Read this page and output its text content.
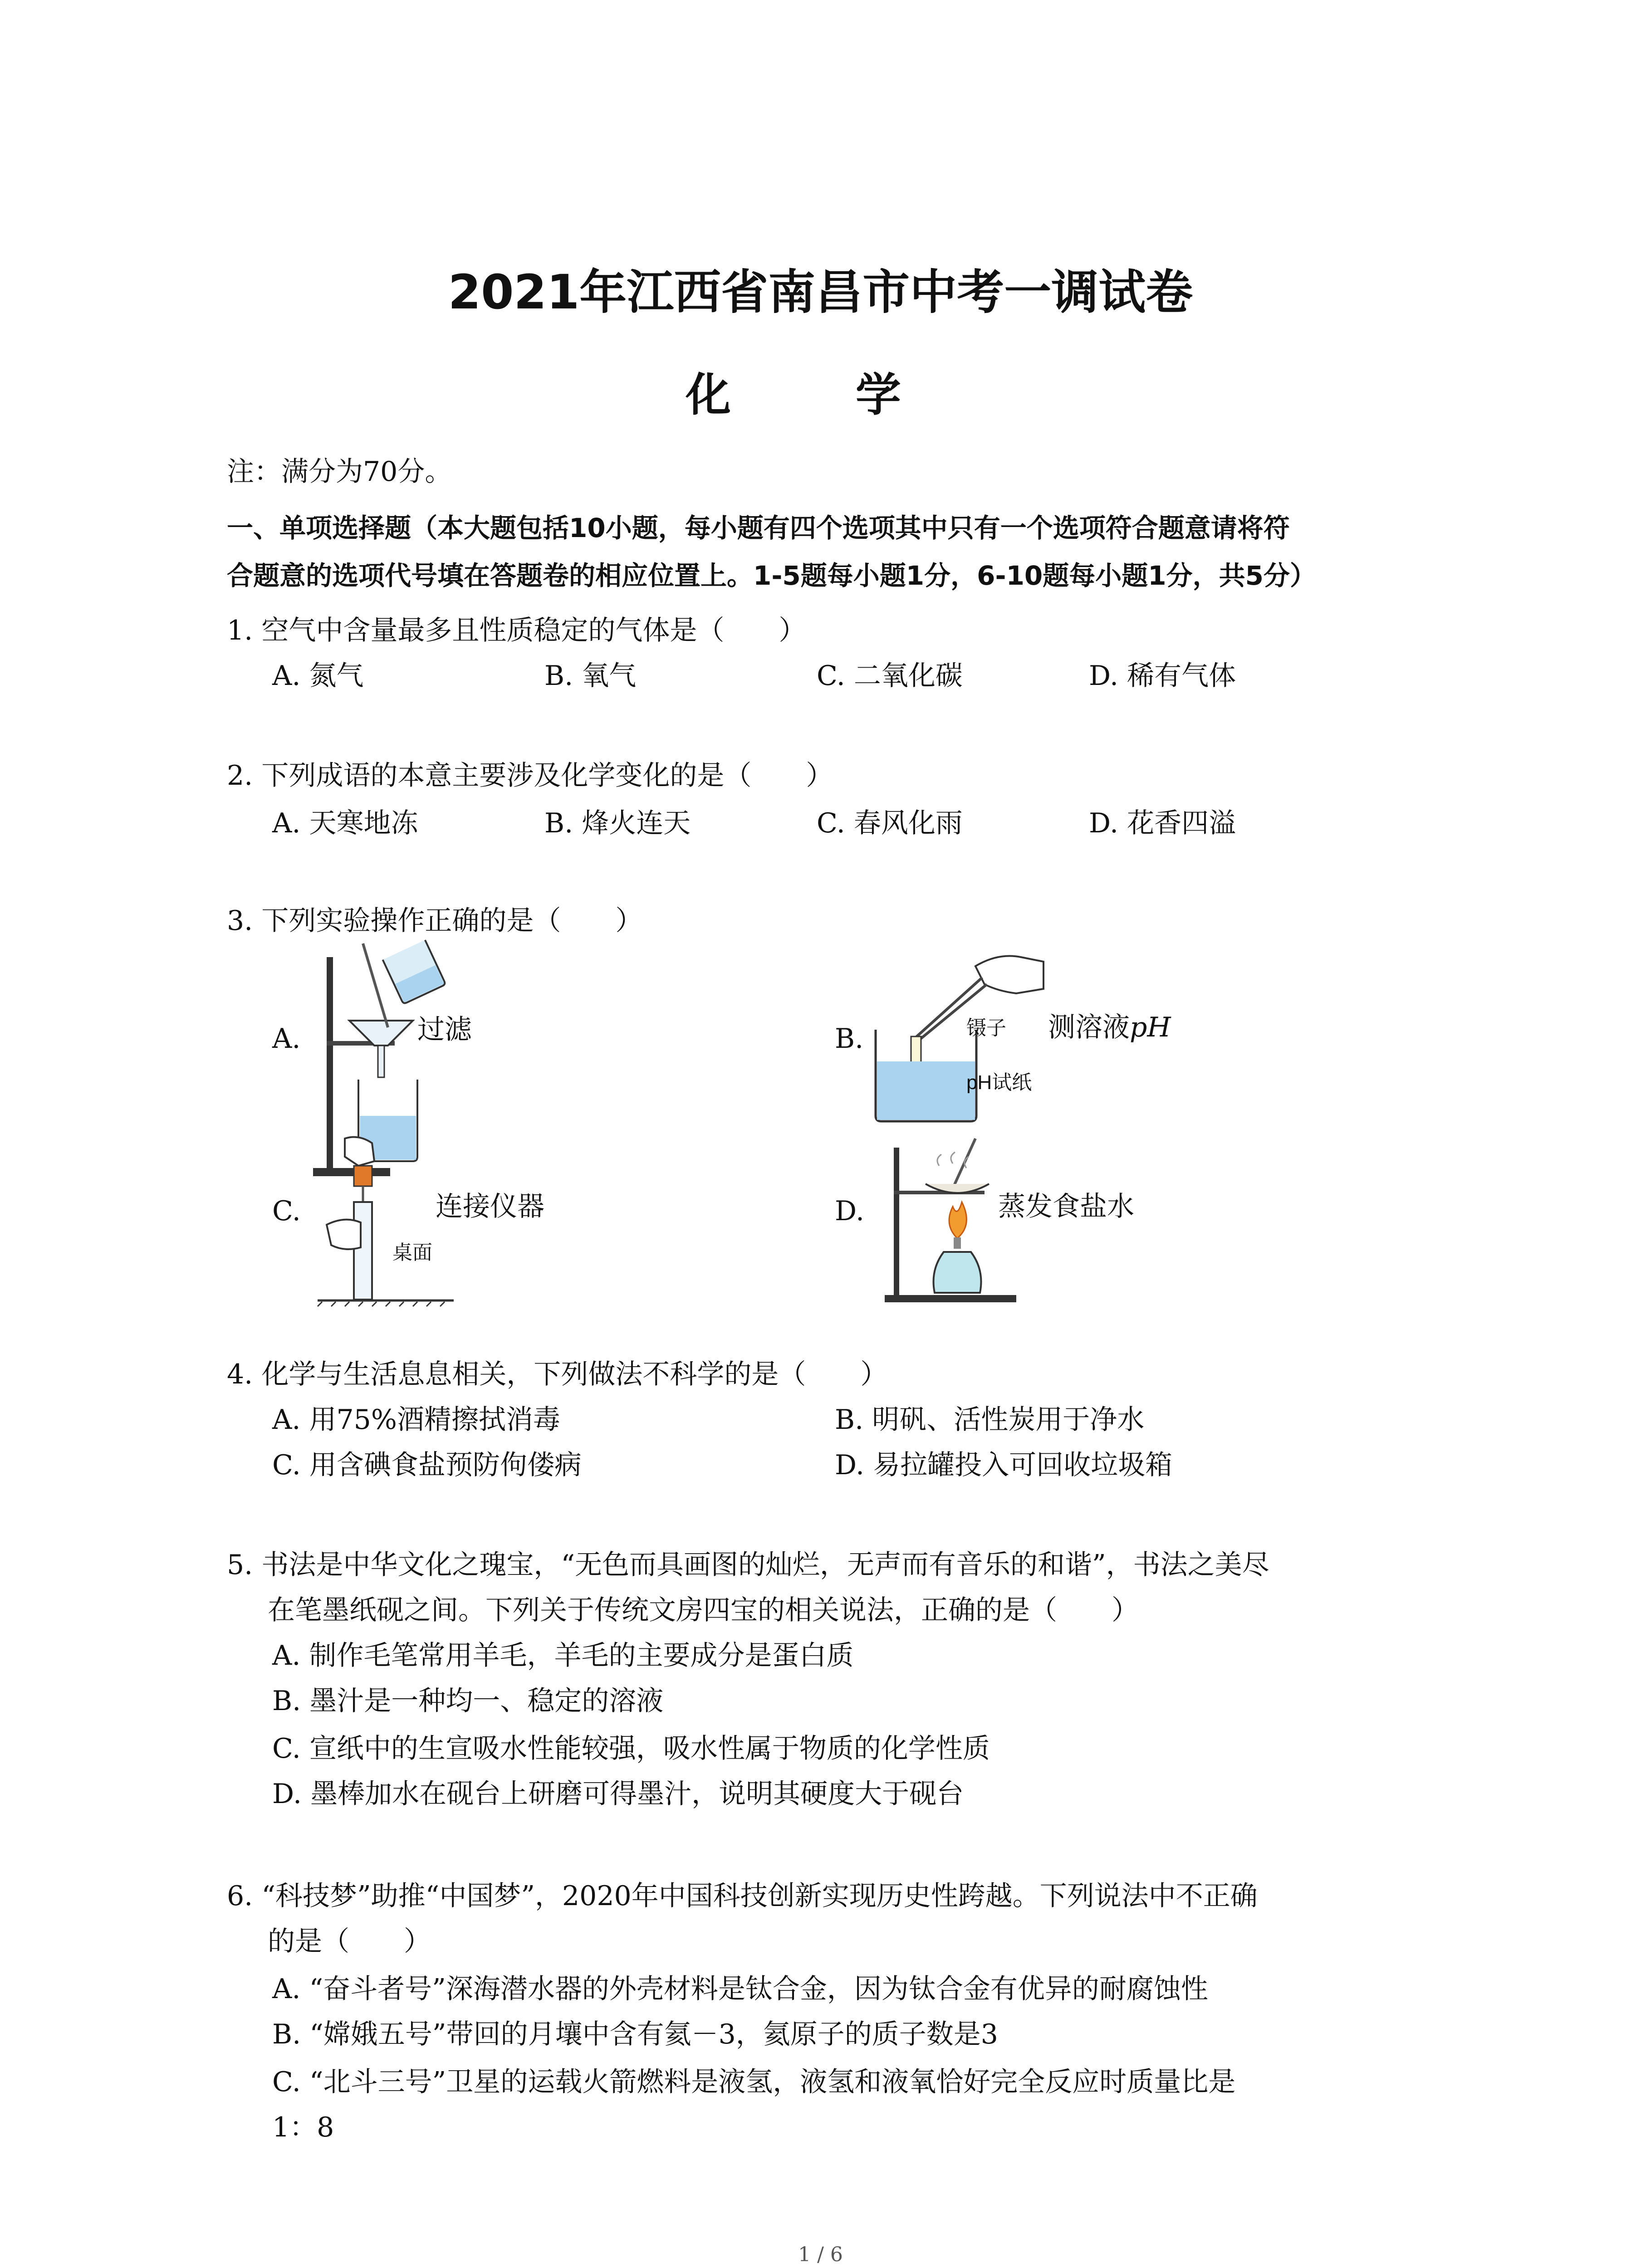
2021年江西省南昌市中考一调试卷
化 学
注：满分为70分。
一、单项选择题（本大题包括10小题，每小题有四个选项其中只有一个选项符合题意请将符
合题意的选项代号填在答题卷的相应位置上。1-5题每小题1分，6-10题每小题1分，共5分）
1. 空气中含量最多且性质稳定的气体是（　　）
A. 氮气	B. 氧气	C. 二氧化碳	D. 稀有气体
2. 下列成语的本意主要涉及化学变化的是（　　）
A. 天寒地冻	B. 烽火连天	C. 春风化雨	D. 花香四溢
3. 下列实验操作正确的是（　　）
A.	过滤	B.	镊子
pH试纸
测溶液pH
C.
桌面
连接仪器	D.	蒸发食盐水
4. 化学与生活息息相关，下列做法不科学的是（　　）
A. 用75%酒精擦拭消毒	B. 明矾、活性炭用于净水
C. 用含碘食盐预防佝偻病	D. 易拉罐投入可回收垃圾箱
5. 书法是中华文化之瑰宝，“无色而具画图的灿烂，无声而有音乐的和谐”，书法之美尽
在笔墨纸砚之间。下列关于传统文房四宝的相关说法，正确的是（　　）
A. 制作毛笔常用羊毛，羊毛的主要成分是蛋白质
B. 墨汁是一种均一、稳定的溶液
C. 宣纸中的生宣吸水性能较强，吸水性属于物质的化学性质
D. 墨棒加水在砚台上研磨可得墨汁，说明其硬度大于砚台
6. “科技梦”助推“中国梦”，2020年中国科技创新实现历史性跨越。下列说法中不正确
的是（　　）
A. “奋斗者号”深海潜水器的外壳材料是钛合金，因为钛合金有优异的耐腐蚀性
B. “嫦娥五号”带回的月壤中含有氦－3，氦原子的质子数是3
C. “北斗三号”卫星的运载火箭燃料是液氢，液氢和液氧恰好完全反应时质量比是
1：8
1 / 6
